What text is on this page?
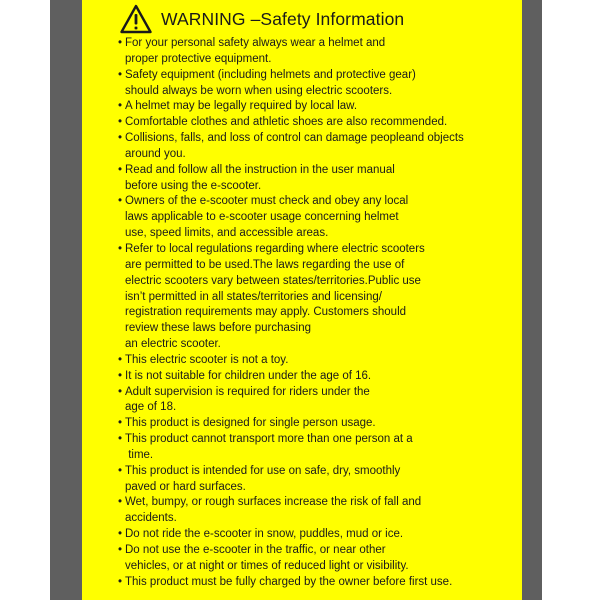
WARNING –Safety Information
• For your personal safety always wear a helmet and
proper protective equipment.
• Safety equipment (including helmets and protective gear)
should always be worn when using electric scooters.
• A helmet may be legally required by local law.
• Comfortable clothes and athletic shoes are also recommended.
• Collisions, falls, and loss of control can damage peopleand objects
around you.
• Read and follow all the instruction in the user manual
before using the e-scooter.
• Owners of the e-scooter must check and obey any local
laws applicable to e-scooter usage concerning helmet
use, speed limits, and accessible areas.
• Refer to local regulations regarding where electric scooters
are permitted to be used.The laws regarding the use of
electric scooters vary between states/territories.Public use
isn’t permitted in all states/territories and licensing/
registration requirements may apply. Customers should
review these laws before purchasing
an electric scooter.
• This electric scooter is not a toy.
• It is not suitable for children under the age of 16.
• Adult supervision is required for riders under the
age of 18.
• This product is designed for single person usage.
• This product cannot transport more than one person at a
time.
• This product is intended for use on safe, dry, smoothly
paved or hard surfaces.
• Wet, bumpy, or rough surfaces increase the risk of fall and
accidents.
• Do not ride the e-scooter in snow, puddles, mud or ice.
• Do not use the e-scooter in the traffic, or near other
vehicles, or at night or times of reduced light or visibility.
• This product must be fully charged by the owner before first use.
